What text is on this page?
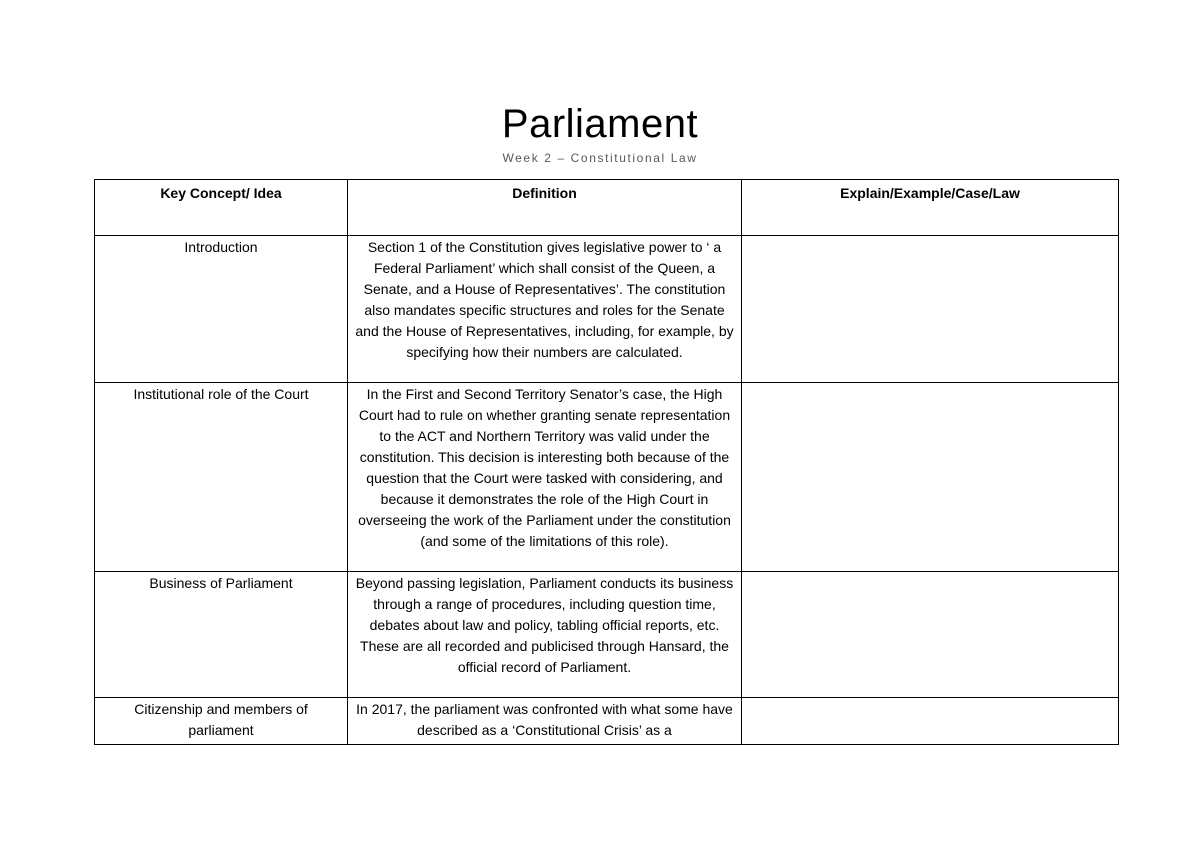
Parliament
Week 2 – Constitutional Law
Key Concept/ Idea	Definition	Explain/Example/Case/Law
Introduction	Section 1 of the Constitution gives legislative power to ‘ a Federal Parliament’ which shall consist of the Queen, a Senate, and a House of Representatives’. The constitution also mandates specific structures and roles for the Senate and the House of Representatives, including, for example, by specifying how their numbers are calculated.	
Institutional role of the Court	In the First and Second Territory Senator’s case, the High Court had to rule on whether granting senate representation to the ACT and Northern Territory was valid under the constitution. This decision is interesting both because of the question that the Court were tasked with considering, and because it demonstrates the role of the High Court in overseeing the work of the Parliament under the constitution (and some of the limitations of this role).	
Business of Parliament	Beyond passing legislation, Parliament conducts its business through a range of procedures, including question time, debates about law and policy, tabling official reports, etc. These are all recorded and publicised through Hansard, the official record of Parliament.	
Citizenship and members of parliament	In 2017, the parliament was confronted with what some have described as a ‘Constitutional Crisis’ as a	
